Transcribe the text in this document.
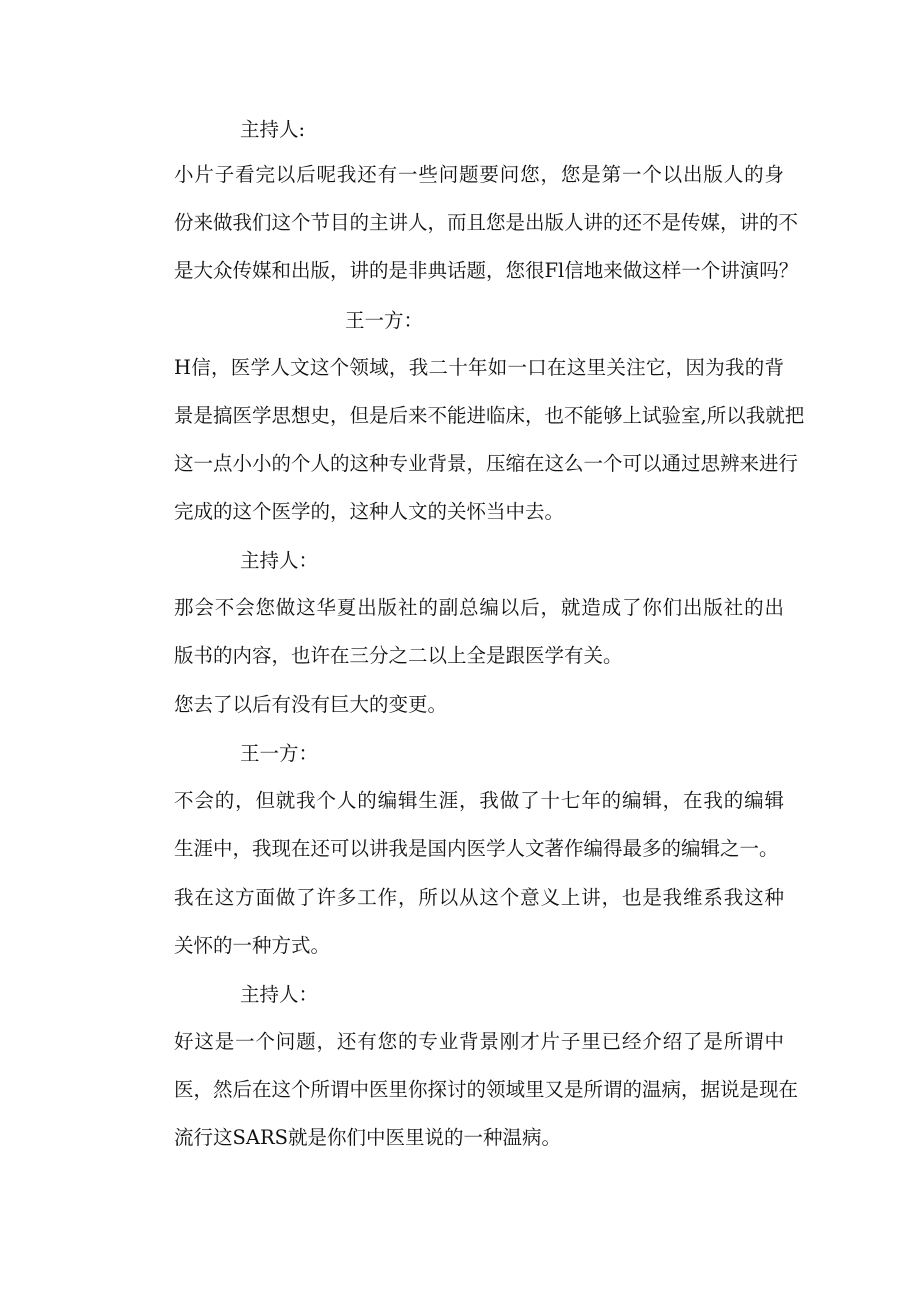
主持人:
小片子看完以后呢我还有一些问题要问您，您是第一个以出版人的身
份来做我们这个节目的主讲人，而且您是出版人讲的还不是传媒，讲的不
是大众传媒和出版，讲的是非典话题，您很Fl信地来做这样一个讲演吗？
王一方：
H信，医学人文这个领域，我二十年如一口在这里关注它，因为我的背
景是搞医学思想史，但是后来不能进临床，也不能够上试验室,所以我就把
这一点小小的个人的这种专业背景，压缩在这么一个可以通过思辨来进行
完成的这个医学的，这种人文的关怀当中去。
主持人：
那会不会您做这华夏出版社的副总编以后，就造成了你们出版社的出
版书的内容，也许在三分之二以上全是跟医学有关。
您去了以后有没有巨大的变更。
王一方：
不会的，但就我个人的编辑生涯，我做了十七年的编辑，在我的编辑
生涯中，我现在还可以讲我是国内医学人文著作编得最多的编辑之一。
我在这方面做了许多工作，所以从这个意义上讲，也是我维系我这种
关怀的一种方式。
主持人：
好这是一个问题，还有您的专业背景刚才片子里已经介绍了是所谓中
医，然后在这个所谓中医里你探讨的领域里又是所谓的温病，据说是现在
流行这SARS就是你们中医里说的一种温病。
